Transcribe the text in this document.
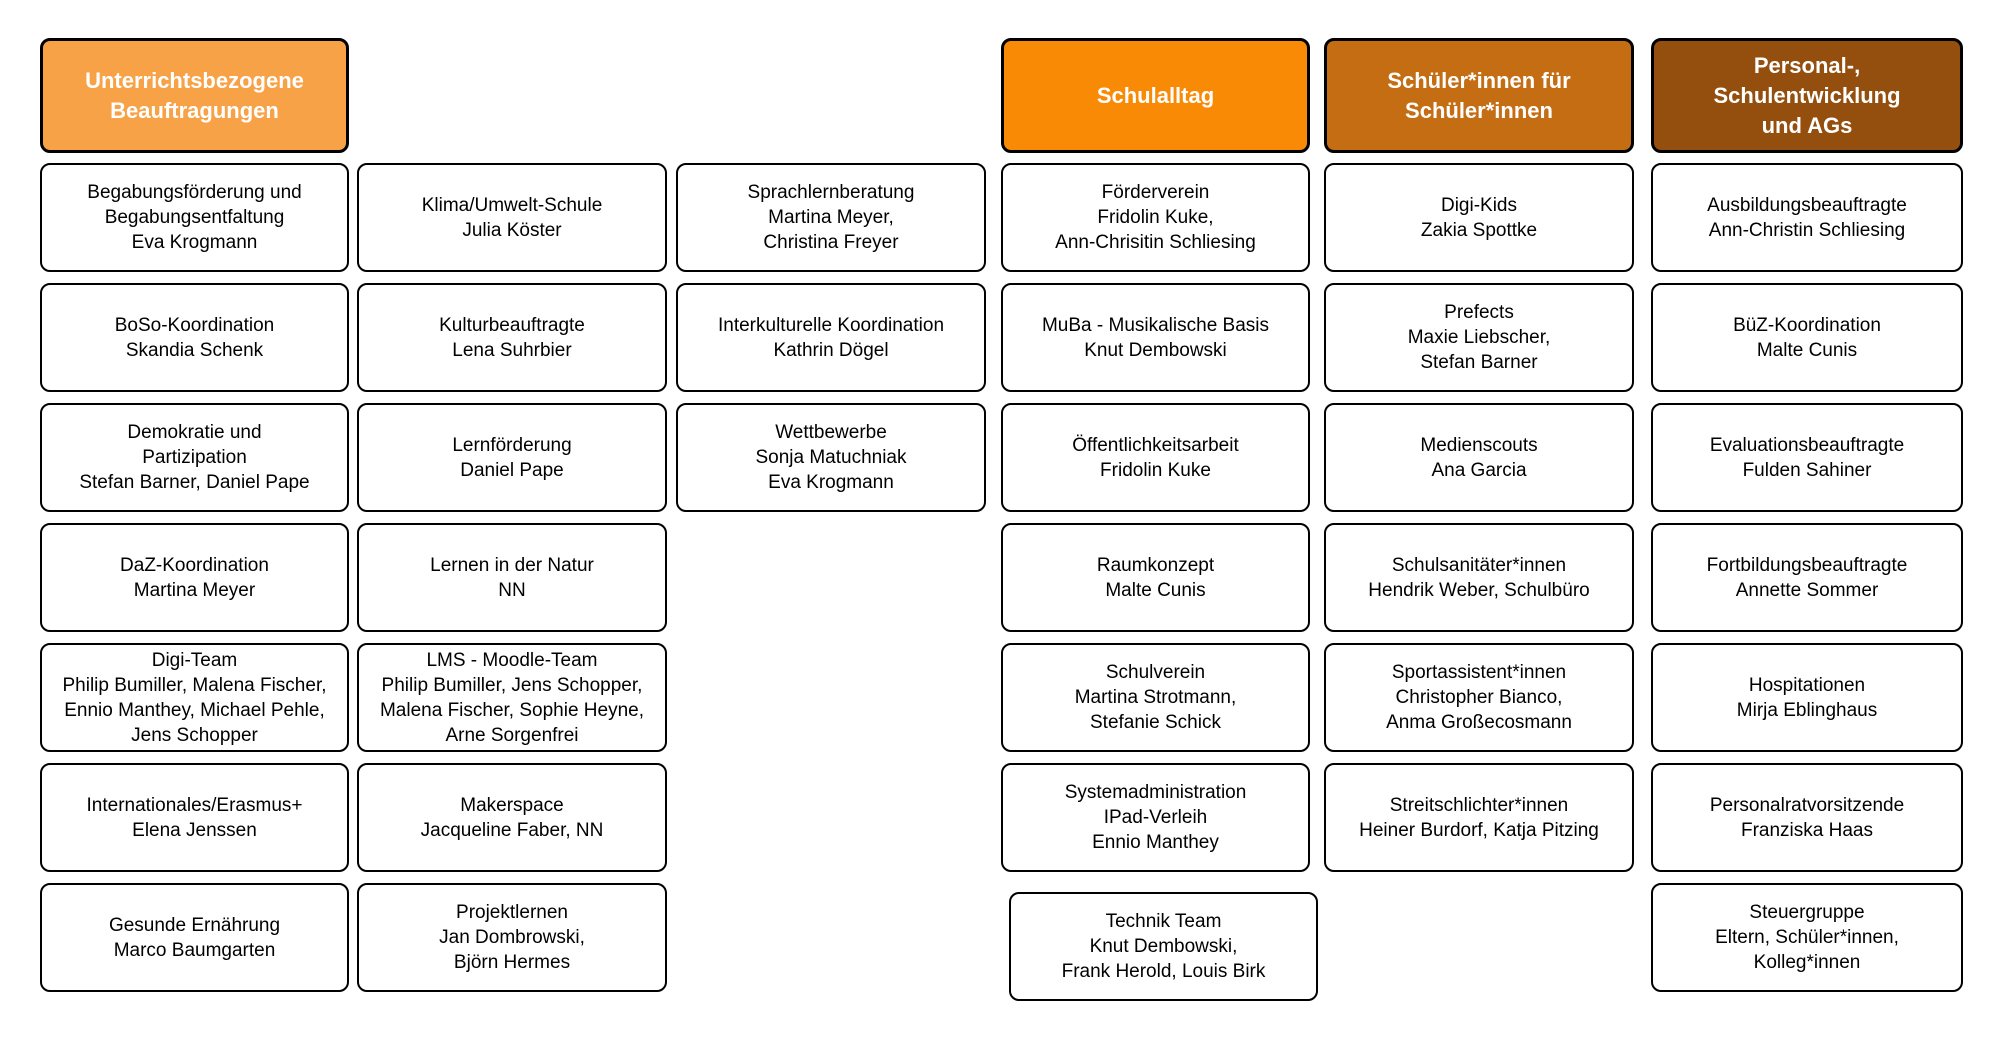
Unterrichtsbezogene
Beauftragungen
Begabungsförderung und
Begabungsentfaltung
Eva Krogmann
BoSo-Koordination
Skandia Schenk
Demokratie und
Partizipation
Stefan Barner, Daniel Pape
DaZ-Koordination
Martina Meyer
Digi-Team
Philip Bumiller, Malena Fischer,
Ennio Manthey, Michael Pehle,
Jens Schopper
Internationales/Erasmus+
Elena Jenssen
Gesunde Ernährung
Marco Baumgarten
Klima/Umwelt-Schule
Julia Köster
Kulturbeauftragte
Lena Suhrbier
Lernförderung
Daniel Pape
Lernen in der Natur
NN
LMS - Moodle-Team
Philip Bumiller, Jens Schopper,
Malena Fischer, Sophie Heyne,
Arne Sorgenfrei
Makerspace
Jacqueline Faber, NN
Projektlernen
Jan Dombrowski,
Björn Hermes
Sprachlernberatung
Martina Meyer,
Christina Freyer
Interkulturelle Koordination
Kathrin Dögel
Wettbewerbe
Sonja Matuchniak
Eva Krogmann
Schulalltag
Förderverein
Fridolin Kuke,
Ann-Chrisitin Schliesing
MuBa - Musikalische Basis
Knut Dembowski
Öffentlichkeitsarbeit
Fridolin Kuke
Raumkonzept
Malte Cunis
Schulverein
Martina Strotmann,
Stefanie Schick
Systemadministration
IPad-Verleih
Ennio Manthey
Technik Team
Knut Dembowski,
Frank Herold, Louis Birk
Schüler*innen für
Schüler*innen
Digi-Kids
Zakia Spottke
Prefects
Maxie Liebscher,
Stefan Barner
Medienscouts
Ana Garcia
Schulsanitäter*innen
Hendrik Weber, Schulbüro
Sportassistent*innen
Christopher Bianco,
Anma Großecosmann
Streitschlichter*innen
Heiner Burdorf, Katja Pitzing
Personal-,
Schulentwicklung
und AGs
Ausbildungsbeauftragte
Ann-Christin Schliesing
BüZ-Koordination
Malte Cunis
Evaluationsbeauftragte
Fulden Sahiner
Fortbildungsbeauftragte
Annette Sommer
Hospitationen
Mirja Eblinghaus
Personalratvorsitzende
Franziska Haas
Steuergruppe
Eltern, Schüler*innen,
Kolleg*innen
